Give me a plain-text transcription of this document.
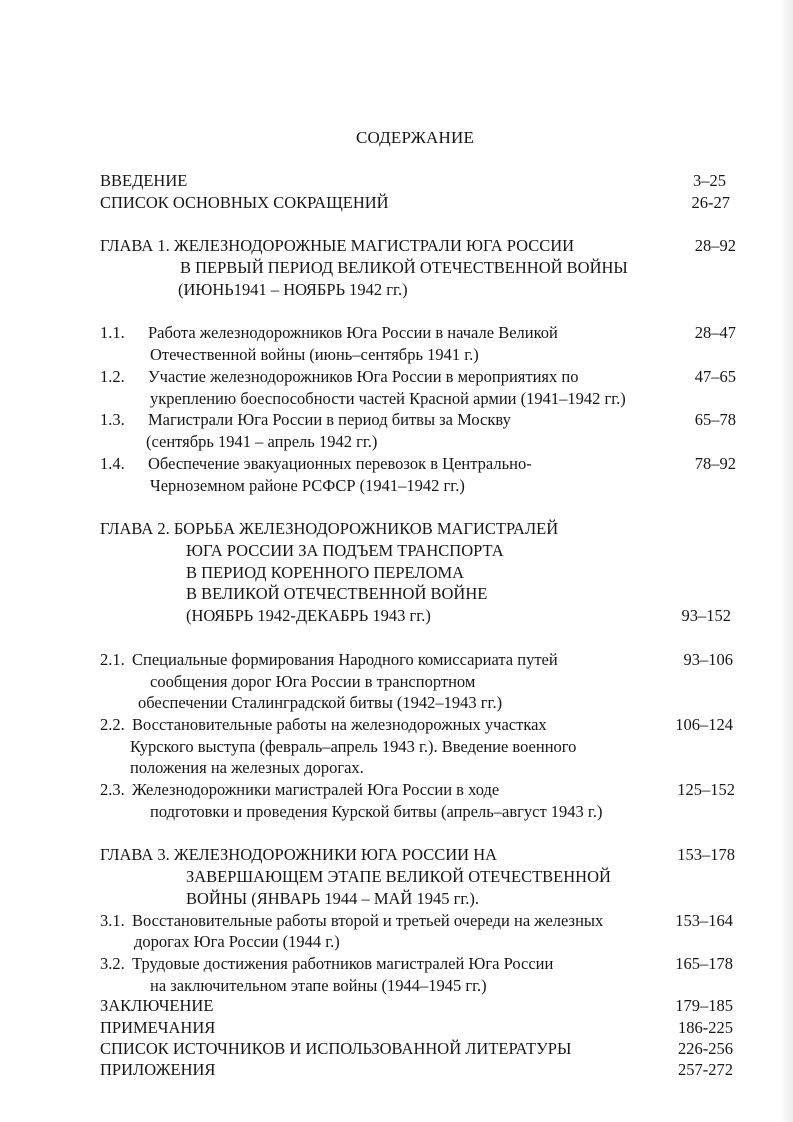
СОДЕРЖАНИЕ
ВВЕДЕНИЕ	3–25
СПИСОК ОСНОВНЫХ СОКРАЩЕНИЙ	26-27
ГЛАВА 1. ЖЕЛЕЗНОДОРОЖНЫЕ МАГИСТРАЛИ ЮГА РОССИИ	28–92
В ПЕРВЫЙ ПЕРИОД ВЕЛИКОЙ ОТЕЧЕСТВЕННОЙ ВОЙНЫ
(ИЮНЬ1941 – НОЯБРЬ 1942 гг.)
1.1. Работа железнодорожников Юга России в начале Великой	28–47
Отечественной войны (июнь–сентябрь 1941 г.)
1.2. Участие железнодорожников Юга России в мероприятиях по	47–65
укреплению боеспособности частей Красной армии (1941–1942 гг.)
1.3. Магистрали Юга России в период битвы за Москву	65–78
(сентябрь 1941 – апрель 1942 гг.)
1.4. Обеспечение эвакуационных перевозок в Центрально-	78–92
Черноземном районе РСФСР (1941–1942 гг.)
ГЛАВА 2. БОРЬБА ЖЕЛЕЗНОДОРОЖНИКОВ МАГИСТРАЛЕЙ
ЮГА РОССИИ ЗА ПОДЪЕМ ТРАНСПОРТА
В ПЕРИОД КОРЕННОГО ПЕРЕЛОМА
В ВЕЛИКОЙ ОТЕЧЕСТВЕННОЙ ВОЙНЕ
(НОЯБРЬ 1942-ДЕКАБРЬ 1943 гг.)	93–152
2.1. Специальные формирования Народного комиссариата путей	93–106
сообщения дорог Юга России в транспортном
обеспечении Сталинградской битвы (1942–1943 гг.)
2.2. Восстановительные работы на железнодорожных участках	106–124
Курского выступа (февраль–апрель 1943 г.). Введение военного
положения на железных дорогах.
2.3. Железнодорожники магистралей Юга России в ходе	125–152
подготовки и проведения Курской битвы (апрель–август 1943 г.)
ГЛАВА 3. ЖЕЛЕЗНОДОРОЖНИКИ ЮГА РОССИИ НА	153–178
ЗАВЕРШАЮЩЕМ ЭТАПЕ ВЕЛИКОЙ ОТЕЧЕСТВЕННОЙ
ВОЙНЫ (ЯНВАРЬ 1944 – МАЙ 1945 гг.).
3.1. Восстановительные работы второй и третьей очереди на железных	153–164
дорогах Юга России (1944 г.)
3.2. Трудовые достижения работников магистралей Юга России	165–178
на заключительном этапе войны (1944–1945 гг.)
ЗАКЛЮЧЕНИЕ	179–185
ПРИМЕЧАНИЯ	186-225
СПИСОК ИСТОЧНИКОВ И ИСПОЛЬЗОВАННОЙ ЛИТЕРАТУРЫ	226-256
ПРИЛОЖЕНИЯ	257-272
